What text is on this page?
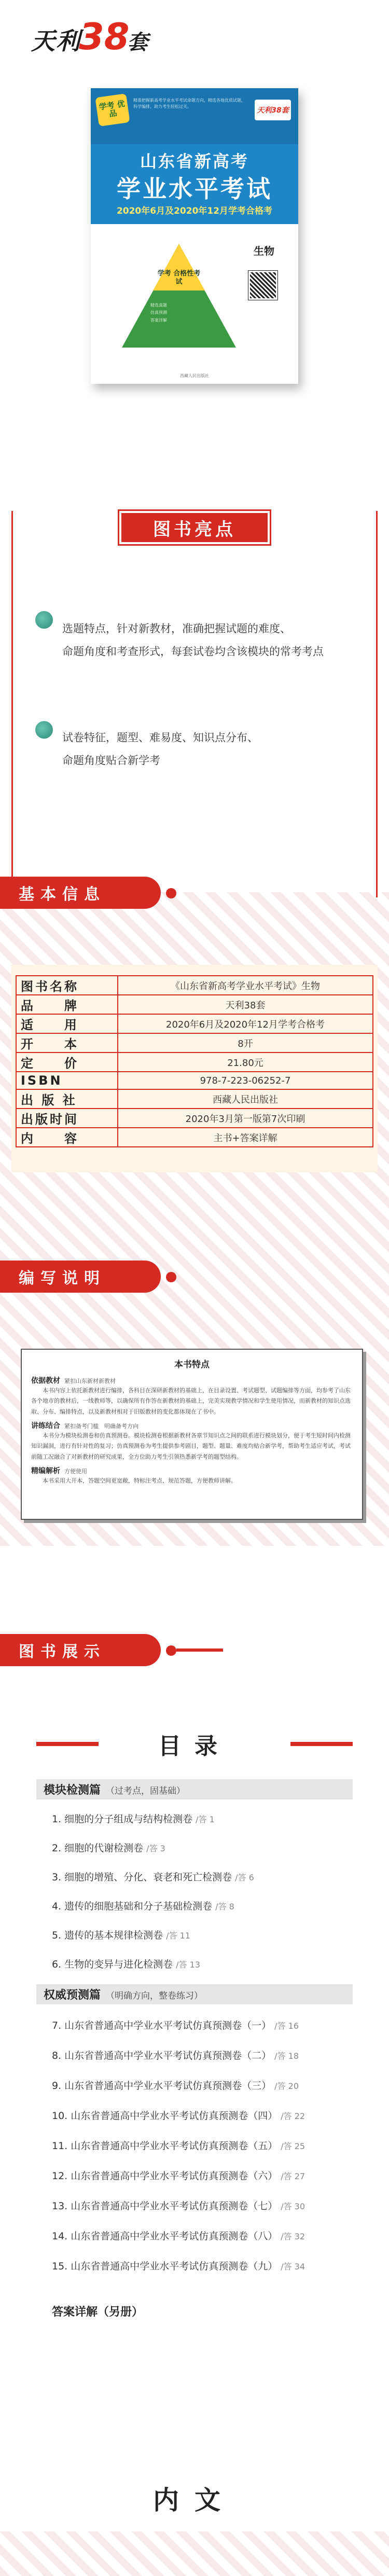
天利
38
套
学考 优品
精准把握新高考学业水平考试命题方向，精选各地优质试题，科学编排，助力考生轻松过关。	天利38套
山东省新高考
学业水平考试
2020年6月及2020年12月学考合格考
学考 合格性考试
精选真题
仿真预测
答案详解
生物
西藏人民出版社
图书亮点
选题特点，针对新教材，准确把握试题的难度、
命题角度和考查形式，每套试卷均含该模块的常考考点
试卷特征，题型、难易度、知识点分布、
命题角度贴合新学考
基本信息
图书名称	《山东省新高考学业水平考试》生物
品　　牌	天利38套
适　　用	2020年6月及2020年12月学考合格考
开　　本	8开
定　　价	21.80元
ISBN	978-7-223-06252-7
出 版 社	西藏人民出版社
出版时间	2020年3月第一版第7次印刷
内　　容	主书+答案详解
编写说明
本书特点
依据教材 紧扣山东新材新教材
本书内容上依托新教材进行编排，各科目在深研新教材的基础上，在目录设置、考试题型、试题编排等方面，均参考了山东各个地市的教材后，一线教师等，以确保所有作答在新教材的基础上，完美实现教学情况和学生使用情况，而新教材的知识点选取、分布、编排特点，以及新教材相对于旧版教材的变化都体现在了书中。
讲练结合 紧扣备考门槛　明确备考方向
本书分为模块检测卷和仿真预测卷。模块检测卷根据新教材各章节知识点之间的联系进行模块划分，便于考生短时间内检测知识漏洞，进行有针对性的复习；仿真预测卷为考生提供参考剧目，题型、题量、难度均贴合新学考，帮助考生适应考试，考试前随工况融合了对新教材的研究成果，全方位助力考生引领热悉新学考的题型结构。
精编解析 方便使用
本书采用大开本，答题空间更宽敞，特标注考点、规范答题，方便教师讲解。
图书展示
目录
模块检测篇 （过考点，固基础）
1. 细胞的分子组成与结构检测卷 /答 1
2. 细胞的代谢检测卷 /答 3
3. 细胞的增殖、分化、衰老和死亡检测卷 /答 6
4. 遗传的细胞基础和分子基础检测卷 /答 8
5. 遗传的基本规律检测卷 /答 11
6. 生物的变异与进化检测卷 /答 13
权威预测篇 （明确方向，整卷练习）
7. 山东省普通高中学业水平考试仿真预测卷（一） /答 16
8. 山东省普通高中学业水平考试仿真预测卷（二） /答 18
9. 山东省普通高中学业水平考试仿真预测卷（三） /答 20
10. 山东省普通高中学业水平考试仿真预测卷（四） /答 22
11. 山东省普通高中学业水平考试仿真预测卷（五） /答 25
12. 山东省普通高中学业水平考试仿真预测卷（六） /答 27
13. 山东省普通高中学业水平考试仿真预测卷（七） /答 30
14. 山东省普通高中学业水平考试仿真预测卷（八） /答 32
15. 山东省普通高中学业水平考试仿真预测卷（九） /答 34
答案详解（另册）
内文
